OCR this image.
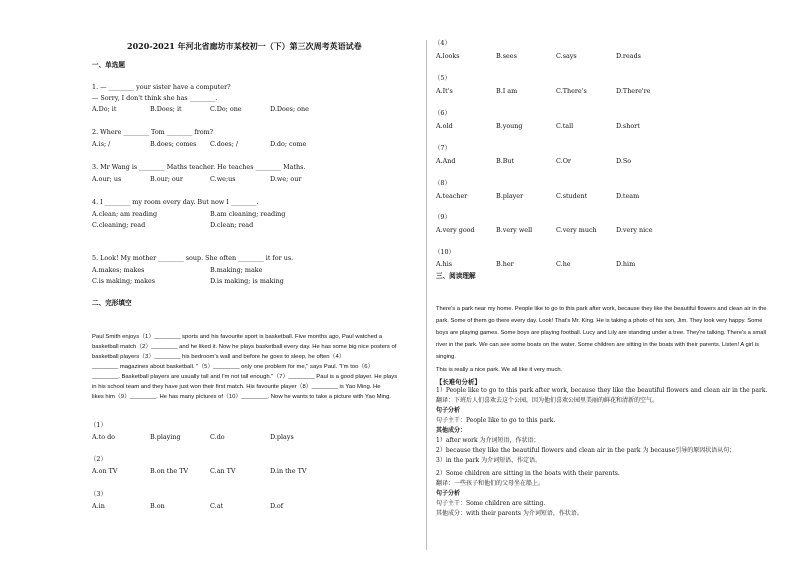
2020-2021 年河北省廊坊市某校初一（下）第三次周考英语试卷
一、单选题
1. — ________ your sister have a computer?
— Sorry, I don't think she has ________.
A.Do; it	B.Does; it	C.Do; one	D.Does; one
2. Where ________ Tom ________ from?
A.is; /	B.does; comes C.does; /	D.do; come
3. Mr Wang is ________ Maths teacher. He teaches ________ Maths.
A.our; us	B.our; our	C.we;us	D.we; our
4. I ________ my room every day. But now I ________.
A.clean; am reading	B.am cleaning; reading
C.cleaning; read	D.clean; read
5. Look! My mother ________ soup. She often ________ it for us.
A.makes; makes	B.making; make
C.is making; makes	D.is making; is making
二、完形填空
Paul Smith enjoys（1）________ sports and his favourite sport is basketball. Five months ago, Paul watched a
basketball match（2）________ and he liked it. Now he plays basketball every day. He has some big nice posters of
basketball players（3）________ his bedroom's wall and before he goes to sleep, he often（4）
________ magazines about basketball. "（5）________ only one problem for me," says Paul. "I'm too（6）
________. Basketball players are usually tall and I'm not tall enough."（7）________ Paul is a good player. He plays
in his school team and they have just won their first match. His favourite player（8）________ is Yao Ming. He
likes him（9）________. He has many pictures of（10）________. Now he wants to take a picture with Yao Ming.
（1）
A.to do	B.playing	C.do	D.plays
（2）
A.on TV	B.on the TV	C.an TV	D.in the TV
（3）
A.in	B.on	C.at	D.of
（4）
A.looks	B.sees	C.says	D.reads
（5）
A.It's	B.I am	C.There's	D.There're
（6）
A.old	B.young	C.tall	D.short
（7）
A.And	B.But	C.Or	D.So
（8）
A.teacher	B.player	C.student	D.team
（9）
A.very good	B.very well	C.very much	D.very nice
（10）
A.his	B.her	C.he	D.him
三、阅读理解
There's a park near my home. People like to go to this park after work, because they like the beautiful flowers and clean air in the park. Some of them go there every day. Look! That's Mr. King. He is taking a photo of his son, Jim. They look very happy. Some boys are playing games. Some boys are playing football. Lucy and Lily are standing under a tree. They're talking. There's a small river in the park. We can see some boats on the water. Some children are sitting in the boats with their parents. Listen! A girl is singing.
This is really a nice park. We all like it very much.
【长难句分析】
1）People like to go to this park after work, because they like the beautiful flowers and clean air in the park.
翻译：下班后人们喜欢去这个公园，因为他们喜欢公园里美丽的鲜花和清新的空气。
句子分析
句子主干：People like to go to this park.
其他成分：
1）after work 为介词短语，作状语；
2）because they like the beautiful flowers and clean air in the park 为 because引导的原因状语从句；
3）in the park 为介词短语，作定语。
2）Some children are sitting in the boats with their parents.
翻译：一些孩子和他们的父母坐在船上。
句子分析
句子主干：Some children are sitting.
其他成分：with their parents 为介词短语，作状语。
